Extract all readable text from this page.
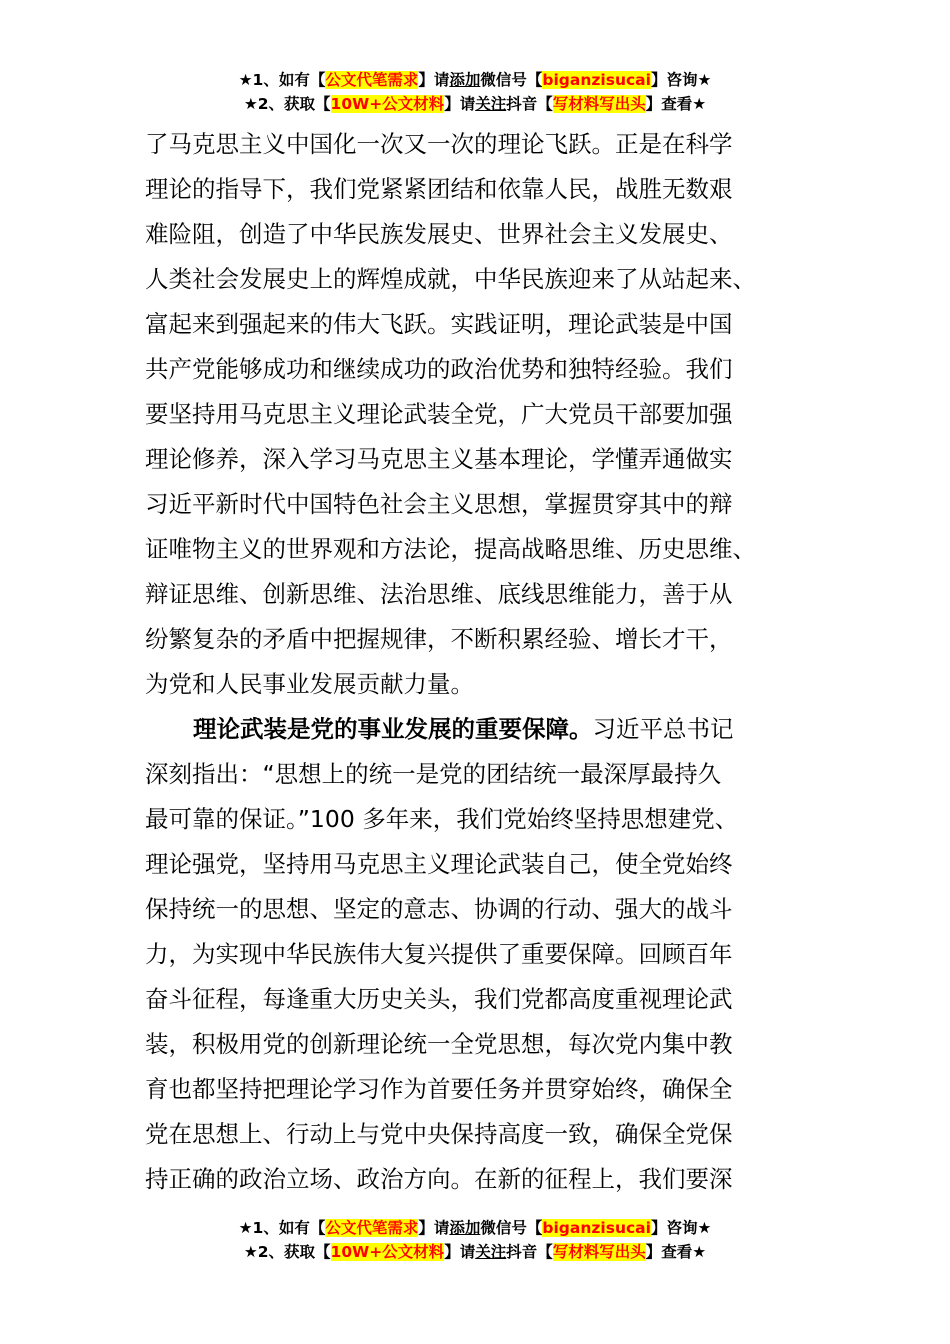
★1、如有【公文代笔需求】请添加微信号【biganzisucai】咨询★
★2、获取【10W+公文材料】请关注抖音【写材料写出头】查看★

了马克思主义中国化一次又一次的理论飞跃。正是在科学
理论的指导下，我们党紧紧团结和依靠人民，战胜无数艰
难险阻，创造了中华民族发展史、世界社会主义发展史、
人类社会发展史上的辉煌成就，中华民族迎来了从站起来、
富起来到强起来的伟大飞跃。实践证明，理论武装是中国
共产党能够成功和继续成功的政治优势和独特经验。我们
要坚持用马克思主义理论武装全党，广大党员干部要加强
理论修养，深入学习马克思主义基本理论，学懂弄通做实
习近平新时代中国特色社会主义思想，掌握贯穿其中的辩
证唯物主义的世界观和方法论，提高战略思维、历史思维、
辩证思维、创新思维、法治思维、底线思维能力，善于从
纷繁复杂的矛盾中把握规律，不断积累经验、增长才干，
为党和人民事业发展贡献力量。

理论武装是党的事业发展的重要保障。习近平总书记
深刻指出：“思想上的统一是党的团结统一最深厚最持久
最可靠的保证。”100 多年来，我们党始终坚持思想建党、
理论强党，坚持用马克思主义理论武装自己，使全党始终
保持统一的思想、坚定的意志、协调的行动、强大的战斗
力，为实现中华民族伟大复兴提供了重要保障。回顾百年
奋斗征程，每逢重大历史关头，我们党都高度重视理论武
装，积极用党的创新理论统一全党思想，每次党内集中教
育也都坚持把理论学习作为首要任务并贯穿始终，确保全
党在思想上、行动上与党中央保持高度一致，确保全党保
持正确的政治立场、政治方向。在新的征程上，我们要深

★1、如有【公文代笔需求】请添加微信号【biganzisucai】咨询★
★2、获取【10W+公文材料】请关注抖音【写材料写出头】查看★
